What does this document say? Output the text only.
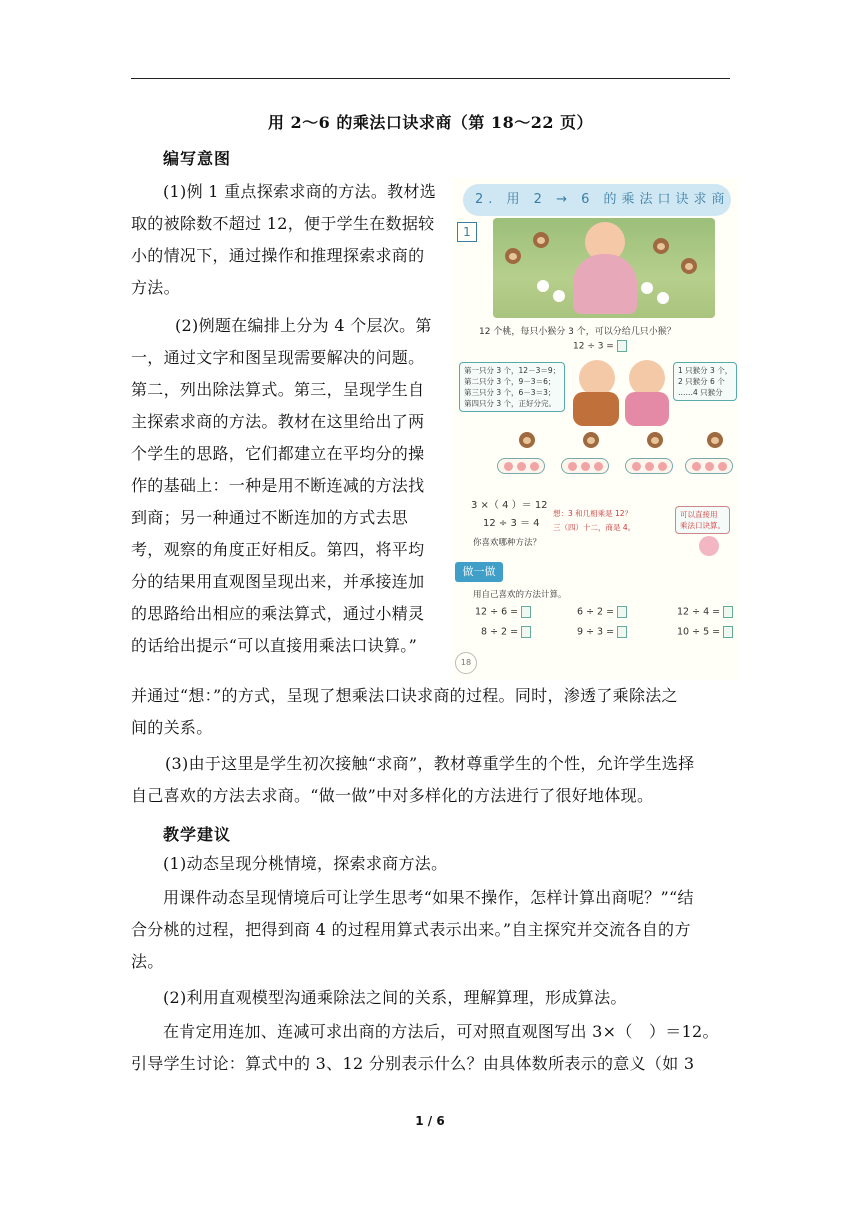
用 2～6 的乘法口诀求商（第 18～22 页）
编写意图
(1)例 1 重点探索求商的方法。教材选
取的被除数不超过 12，便于学生在数据较
小的情况下，通过操作和推理探索求商的
方法。
(2)例题在编排上分为 4 个层次。第
一，通过文字和图呈现需要解决的问题。
第二，列出除法算式。第三，呈现学生自
主探索求商的方法。教材在这里给出了两
个学生的思路，它们都建立在平均分的操
作的基础上：一种是用不断连减的方法找
到商；另一种通过不断连加的方式去思
考，观察的角度正好相反。第四，将平均
分的结果用直观图呈现出来，并承接连加
的思路给出相应的乘法算式，通过小精灵
的话给出提示“可以直接用乘法口诀算。”
并通过“想：”的方式，呈现了想乘法口诀求商的过程。同时，渗透了乘除法之
间的关系。
(3)由于这里是学生初次接触“求商”，教材尊重学生的个性，允许学生选择
自己喜欢的方法去求商。“做一做”中对多样化的方法进行了很好地体现。
教学建议
(1)动态呈现分桃情境，探索求商方法。
用课件动态呈现情境后可让学生思考“如果不操作，怎样计算出商呢？”“结
合分桃的过程，把得到商 4 的过程用算式表示出来。”自主探究并交流各自的方
法。
(2)利用直观模型沟通乘除法之间的关系，理解算理，形成算法。
在肯定用连加、连减可求出商的方法后，可对照直观图写出 3×（　）＝12。
引导学生讨论：算式中的 3、12 分别表示什么？由具体数所表示的意义（如 3
1 / 6
2. 用 2 → 6 的乘法口诀求商
1
12 个桃，每只小猴分 3 个，可以分给几只小猴？
12 ÷ 3 =
第一只分 3 个，12－3＝9；
第二只分 3 个，9－3＝6；
第三只分 3 个，6－3＝3；
第四只分 3 个，正好分完。
1 只猴分 3 个，
2 只猴分 6 个
……4 只猴分
3 ×（ 4 ）＝ 12
12 ÷ 3 ＝ 4
想：3 和几相乘是 12？
三（四）十二，商是 4。
你喜欢哪种方法？
可以直接用
乘法口诀算。
做一做
用自己喜欢的方法计算。
12 ÷ 6 =	6 ÷ 2 =	12 ÷ 4 =
8 ÷ 2 =	9 ÷ 3 =	10 ÷ 5 =
18
